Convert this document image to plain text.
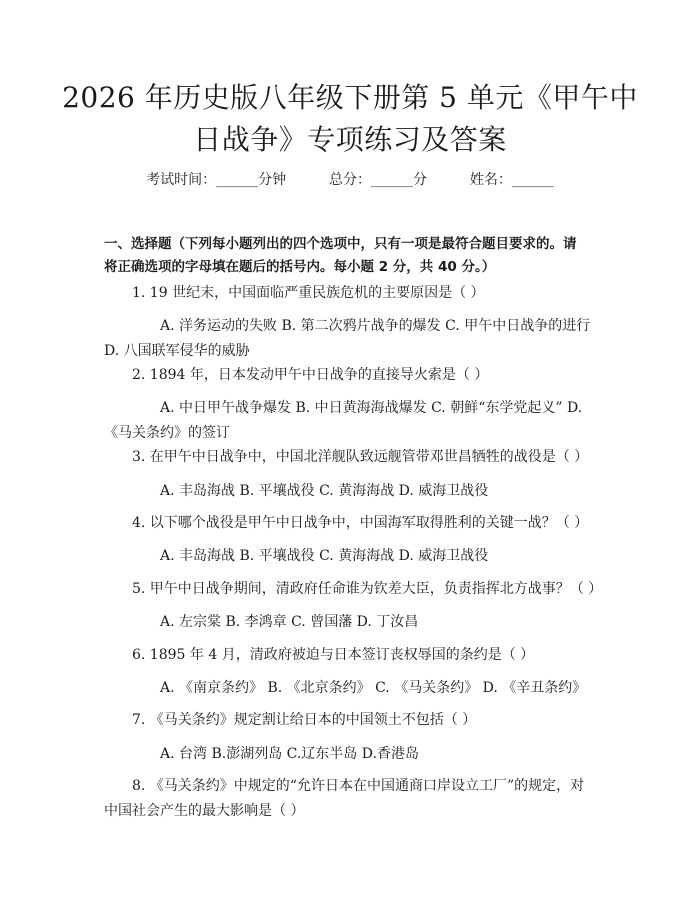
2026 年历史版八年级下册第 5 单元《甲午中
日战争》专项练习及答案
考试时间：______分钟	总分：______分	姓名：______
一、选择题（下列每小题列出的四个选项中，只有一项是最符合题目要求的。请
将正确选项的字母填在题后的括号内。每小题 2 分，共 40 分。）
1. 19 世纪末，中国面临严重民族危机的主要原因是（ ）
A. 洋务运动的失败 B. 第二次鸦片战争的爆发 C. 甲午中日战争的进行
D. 八国联军侵华的威胁
2. 1894 年，日本发动甲午中日战争的直接导火索是（ ）
A. 中日甲午战争爆发 B. 中日黄海海战爆发 C. 朝鲜“东学党起义” D.
《马关条约》的签订
3. 在甲午中日战争中，中国北洋舰队致远舰管带邓世昌牺牲的战役是（ ）
A. 丰岛海战 B. 平壤战役 C. 黄海海战 D. 威海卫战役
4. 以下哪个战役是甲午中日战争中，中国海军取得胜利的关键一战？（ ）
A. 丰岛海战 B. 平壤战役 C. 黄海海战 D. 威海卫战役
5. 甲午中日战争期间，清政府任命谁为钦差大臣，负责指挥北方战事？（ ）
A. 左宗棠 B. 李鸿章 C. 曾国藩 D. 丁汝昌
6. 1895 年 4 月，清政府被迫与日本签订丧权辱国的条约是（ ）
A. 《南京条约》 B. 《北京条约》 C. 《马关条约》 D. 《辛丑条约》
7. 《马关条约》规定割让给日本的中国领土不包括（ ）
A. 台湾 B.澎湖列岛 C.辽东半岛 D.香港岛
8. 《马关条约》中规定的“允许日本在中国通商口岸设立工厂”的规定，对
中国社会产生的最大影响是（ ）
